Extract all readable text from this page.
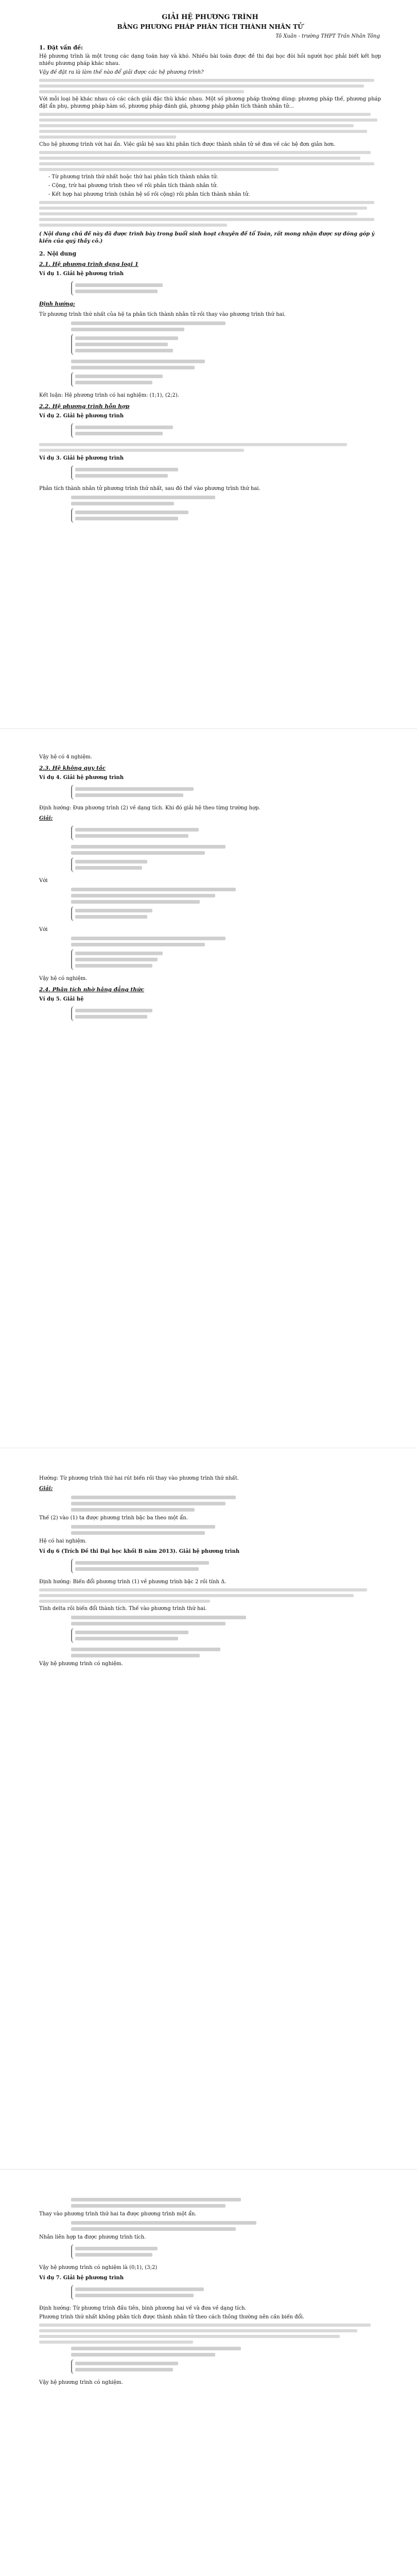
GIẢI HỆ PHƯƠNG TRÌNH
BẰNG PHƯƠNG PHÁP PHÂN TÍCH THÀNH NHÂN TỬ
Tô Xuân - trường THPT Trần Nhân Tông
1. Đặt vấn đề:

Hệ phương trình là một trong các dạng toán hay và khó. Nhiều bài toán được đề thi đại học đòi hỏi người học phải biết kết hợp nhiều phương pháp khác nhau.

Vậy đề đặt ra là làm thế nào để giải được các hệ phương trình?

Với mỗi loại hệ khác nhau có các cách giải đặc thù khác nhau. Một số phương pháp thường dùng: phương pháp thế, phương pháp đặt ẩn phụ, phương pháp hàm số, phương pháp đánh giá, phương pháp phân tích thành nhân tử...

Cho hệ phương trình với hai ẩn. Việc giải hệ sau khi phân tích được thành nhân tử sẽ đưa về các hệ đơn giản hơn.

- Từ phương trình thứ nhất hoặc thứ hai phân tích thành nhân tử.

- Cộng, trừ hai phương trình theo vế rồi phân tích thành nhân tử.

- Kết hợp hai phương trình (nhân hệ số rồi cộng) rồi phân tích thành nhân tử.

( Nội dung chủ đề này đã được trình bày trong buổi sinh hoạt chuyên đề tổ Toán, rất mong nhận được sự đóng góp ý kiến của quý thầy cô.)
2. Nội dung
2.1. Hệ phương trình dạng loại 1
Ví dụ 1. Giải hệ phương trình
Định hướng:

Từ phương trình thứ nhất của hệ ta phân tích thành nhân tử rồi thay vào phương trình thứ hai.

Kết luận: Hệ phương trình có hai nghiệm: (1;1), (2;2).

2.2. Hệ phương trình hỗn hợp
Ví dụ 2. Giải hệ phương trình
Ví dụ 3. Giải hệ phương trình

Phân tích thành nhân tử phương trình thứ nhất, sau đó thế vào phương trình thứ hai.

Vậy hệ có 4 nghiệm.

2.3. Hệ không quy tắc
Ví dụ 4. Giải hệ phương trình

Định hướng: Đưa phương trình (2) về dạng tích. Khi đó giải hệ theo từng trường hợp.

Giải:

Với

Với

Vậy hệ có nghiệm.

2.4. Phân tích nhờ hằng đẳng thức
Ví dụ 5. Giải hệ

Hướng: Từ phương trình thứ hai rút biến rồi thay vào phương trình thứ nhất.

Giải:

Thế (2) vào (1) ta được phương trình bậc ba theo một ẩn.

Hệ có hai nghiệm.

Ví dụ 6 (Trích Đề thi Đại học khối B năm 2013). Giải hệ phương trình

Định hướng: Biến đổi phương trình (1) về phương trình bậc 2 rồi tính Δ.

Tính delta rồi biến đổi thành tích. Thế vào phương trình thứ hai.

Vậy hệ phương trình có nghiệm.

Thay vào phương trình thứ hai ta được phương trình một ẩn.

Nhân liên hợp ta được phương trình tích.

Vậy hệ phương trình có nghiệm là (0;1), (3;2)

Ví dụ 7. Giải hệ phương trình

Định hướng: Từ phương trình đầu tiên, bình phương hai vế và đưa về dạng tích.

Phương trình thứ nhất không phân tích được thành nhân tử theo cách thông thường nên cần biến đổi.

Vậy hệ phương trình có nghiệm.
